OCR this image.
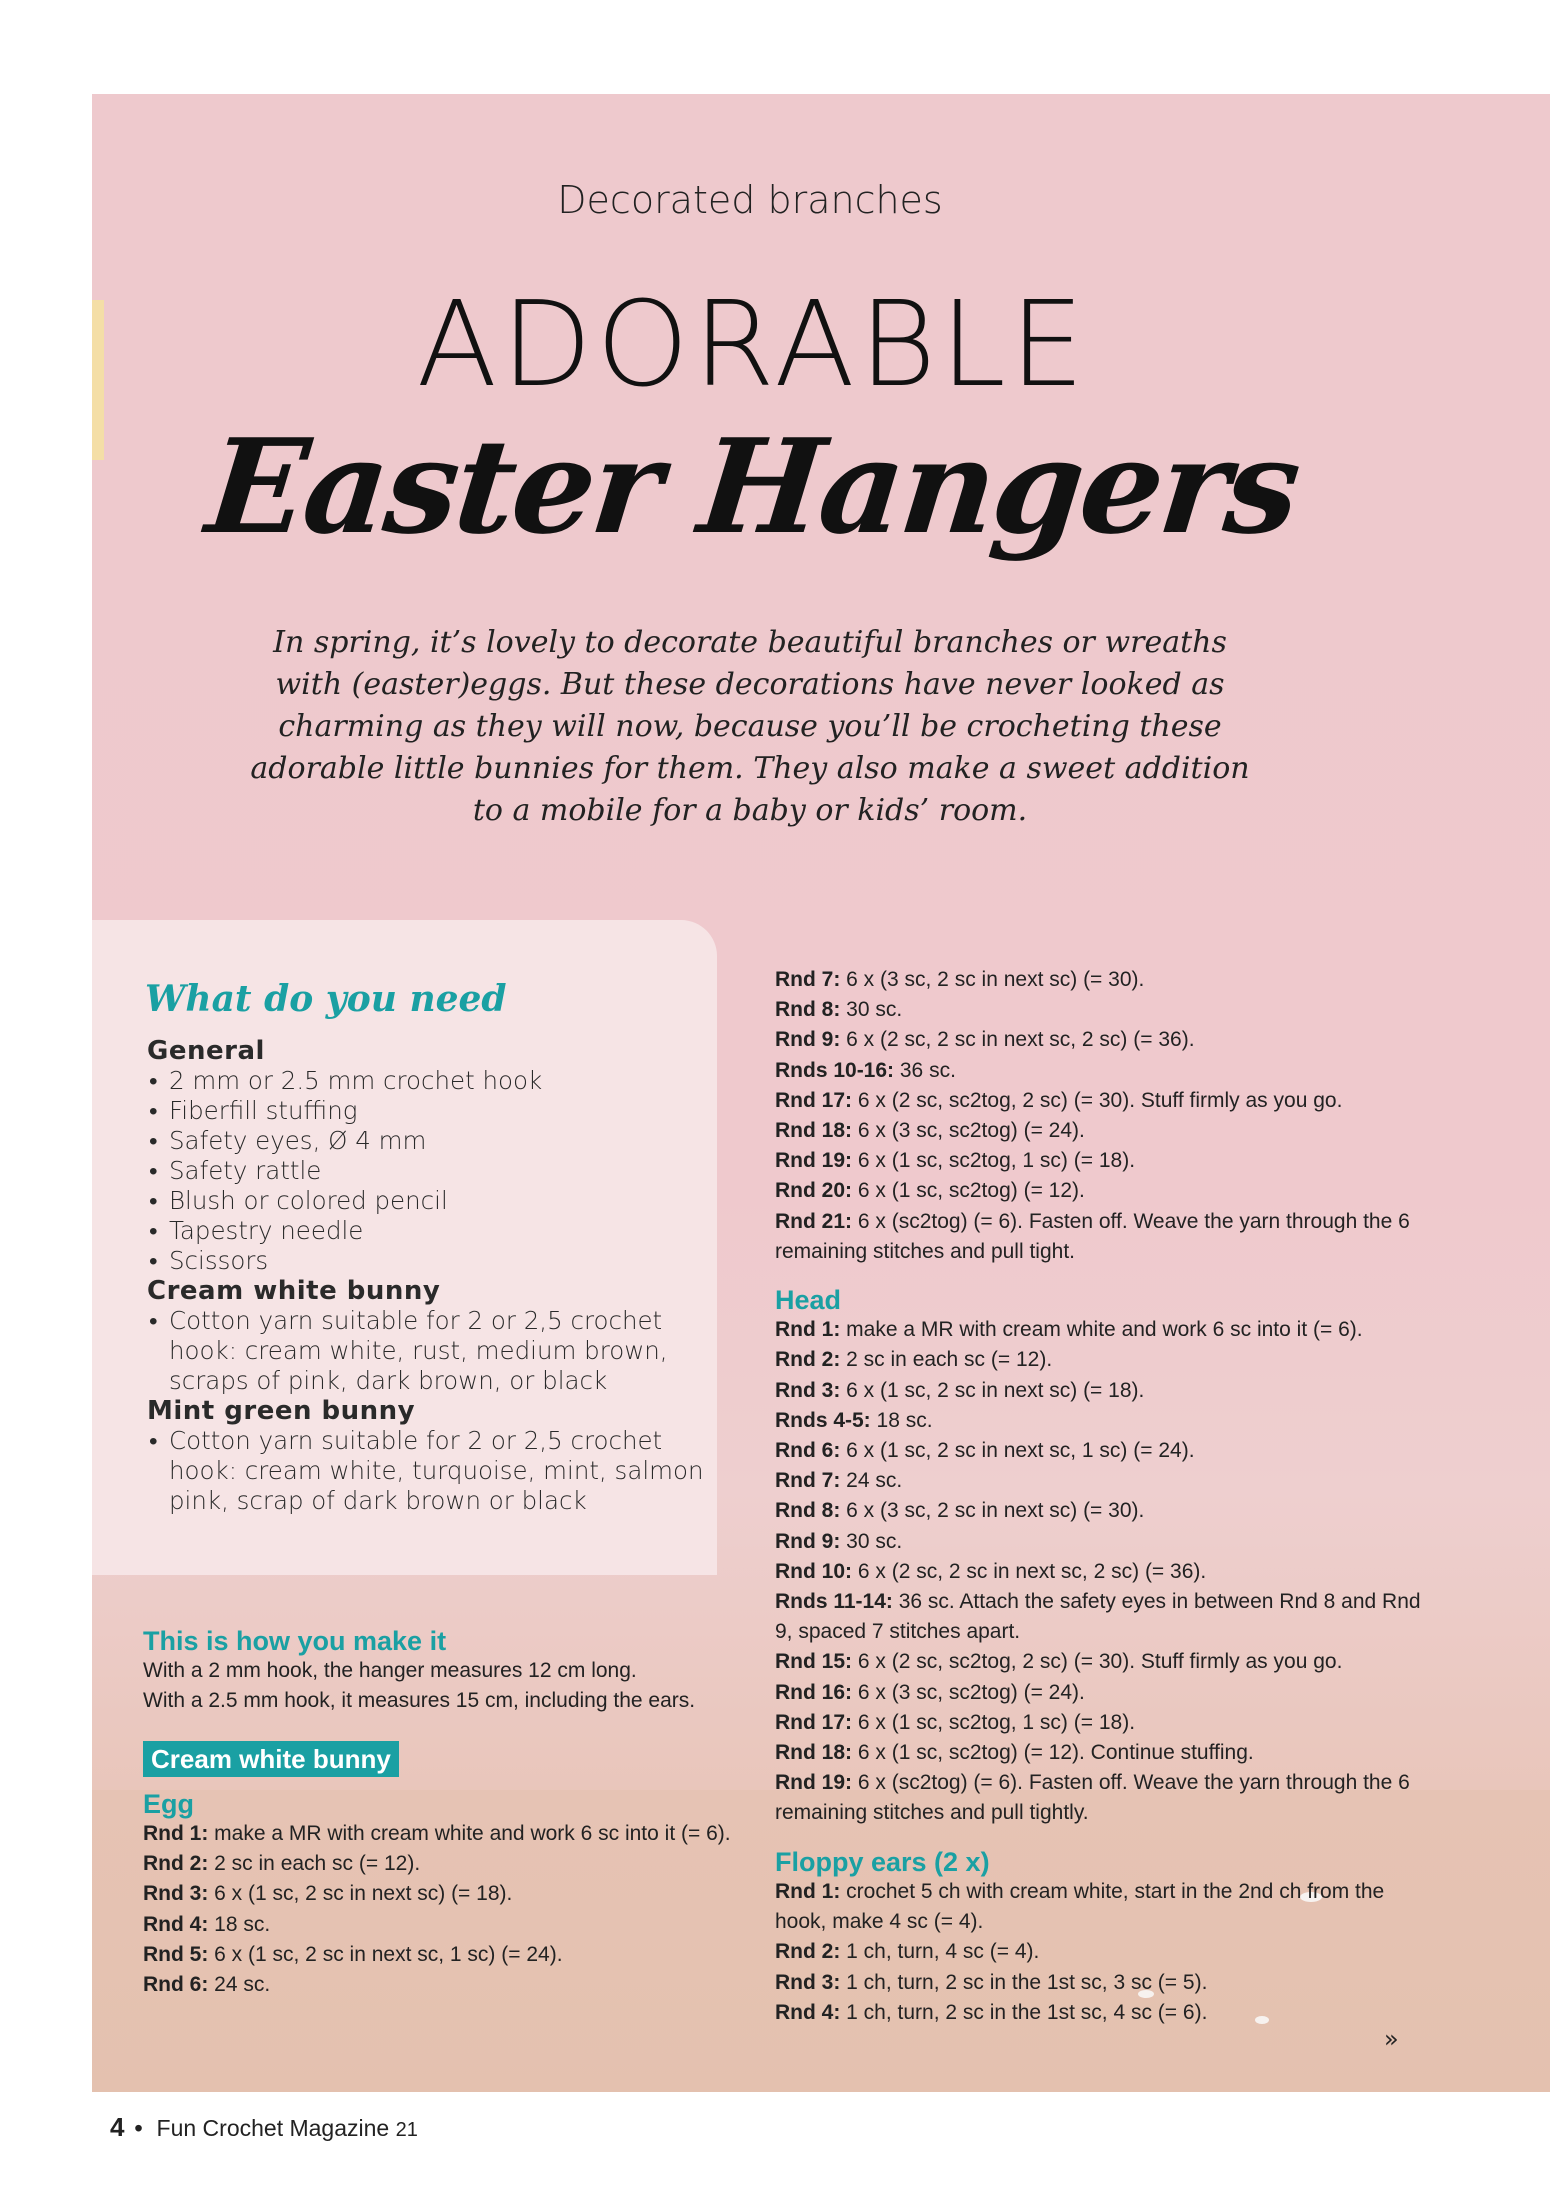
Decorated branches
ADORABLE
Easter Hangers
In spring, it’s lovely to decorate beautiful branches or wreaths with (easter)eggs. But these decorations have never looked as charming as they will now, because you’ll be crocheting these adorable little bunnies for them. They also make a sweet addition to a mobile for a baby or kids’ room.
What do you need
General
• 2 mm or 2.5 mm crochet hook
• Fiberfill stuffing
• Safety eyes, Ø 4 mm
• Safety rattle
• Blush or colored pencil
• Tapestry needle
• Scissors
Cream white bunny
• Cotton yarn suitable for 2 or 2,5 crochet hook: cream white, rust, medium brown, scraps of pink, dark brown, or black
Mint green bunny
• Cotton yarn suitable for 2 or 2,5 crochet hook: cream white, turquoise, mint, salmon pink, scrap of dark brown or black
This is how you make it
With a 2 mm hook, the hanger measures 12 cm long.
With a 2.5 mm hook, it measures 15 cm, including the ears.
Cream white bunny
Egg
Rnd 1: make a MR with cream white and work 6 sc into it (= 6).
Rnd 2: 2 sc in each sc (= 12).
Rnd 3: 6 x (1 sc, 2 sc in next sc) (= 18).
Rnd 4: 18 sc.
Rnd 5: 6 x (1 sc, 2 sc in next sc, 1 sc) (= 24).
Rnd 6: 24 sc.
Rnd 7: 6 x (3 sc, 2 sc in next sc) (= 30).
Rnd 8: 30 sc.
Rnd 9: 6 x (2 sc, 2 sc in next sc, 2 sc) (= 36).
Rnds 10-16: 36 sc.
Rnd 17: 6 x (2 sc, sc2tog, 2 sc) (= 30). Stuff firmly as you go.
Rnd 18: 6 x (3 sc, sc2tog) (= 24).
Rnd 19: 6 x (1 sc, sc2tog, 1 sc) (= 18).
Rnd 20: 6 x (1 sc, sc2tog) (= 12).
Rnd 21: 6 x (sc2tog) (= 6). Fasten off. Weave the yarn through the 6 remaining stitches and pull tight.
Head
Rnd 1: make a MR with cream white and work 6 sc into it (= 6).
Rnd 2: 2 sc in each sc (= 12).
Rnd 3: 6 x (1 sc, 2 sc in next sc) (= 18).
Rnds 4-5: 18 sc.
Rnd 6: 6 x (1 sc, 2 sc in next sc, 1 sc) (= 24).
Rnd 7: 24 sc.
Rnd 8: 6 x (3 sc, 2 sc in next sc) (= 30).
Rnd 9: 30 sc.
Rnd 10: 6 x (2 sc, 2 sc in next sc, 2 sc) (= 36).
Rnds 11-14: 36 sc. Attach the safety eyes in between Rnd 8 and Rnd 9, spaced 7 stitches apart.
Rnd 15: 6 x (2 sc, sc2tog, 2 sc) (= 30). Stuff firmly as you go.
Rnd 16: 6 x (3 sc, sc2tog) (= 24).
Rnd 17: 6 x (1 sc, sc2tog, 1 sc) (= 18).
Rnd 18: 6 x (1 sc, sc2tog) (= 12). Continue stuffing.
Rnd 19: 6 x (sc2tog) (= 6). Fasten off. Weave the yarn through the 6 remaining stitches and pull tightly.
Floppy ears (2 x)
Rnd 1: crochet 5 ch with cream white, start in the 2nd ch from the hook, make 4 sc (= 4).
Rnd 2: 1 ch, turn, 4 sc (= 4).
Rnd 3: 1 ch, turn, 2 sc in the 1st sc, 3 sc (= 5).
Rnd 4: 1 ch, turn, 2 sc in the 1st sc, 4 sc (= 6).
»
4 • Fun Crochet Magazine 21
